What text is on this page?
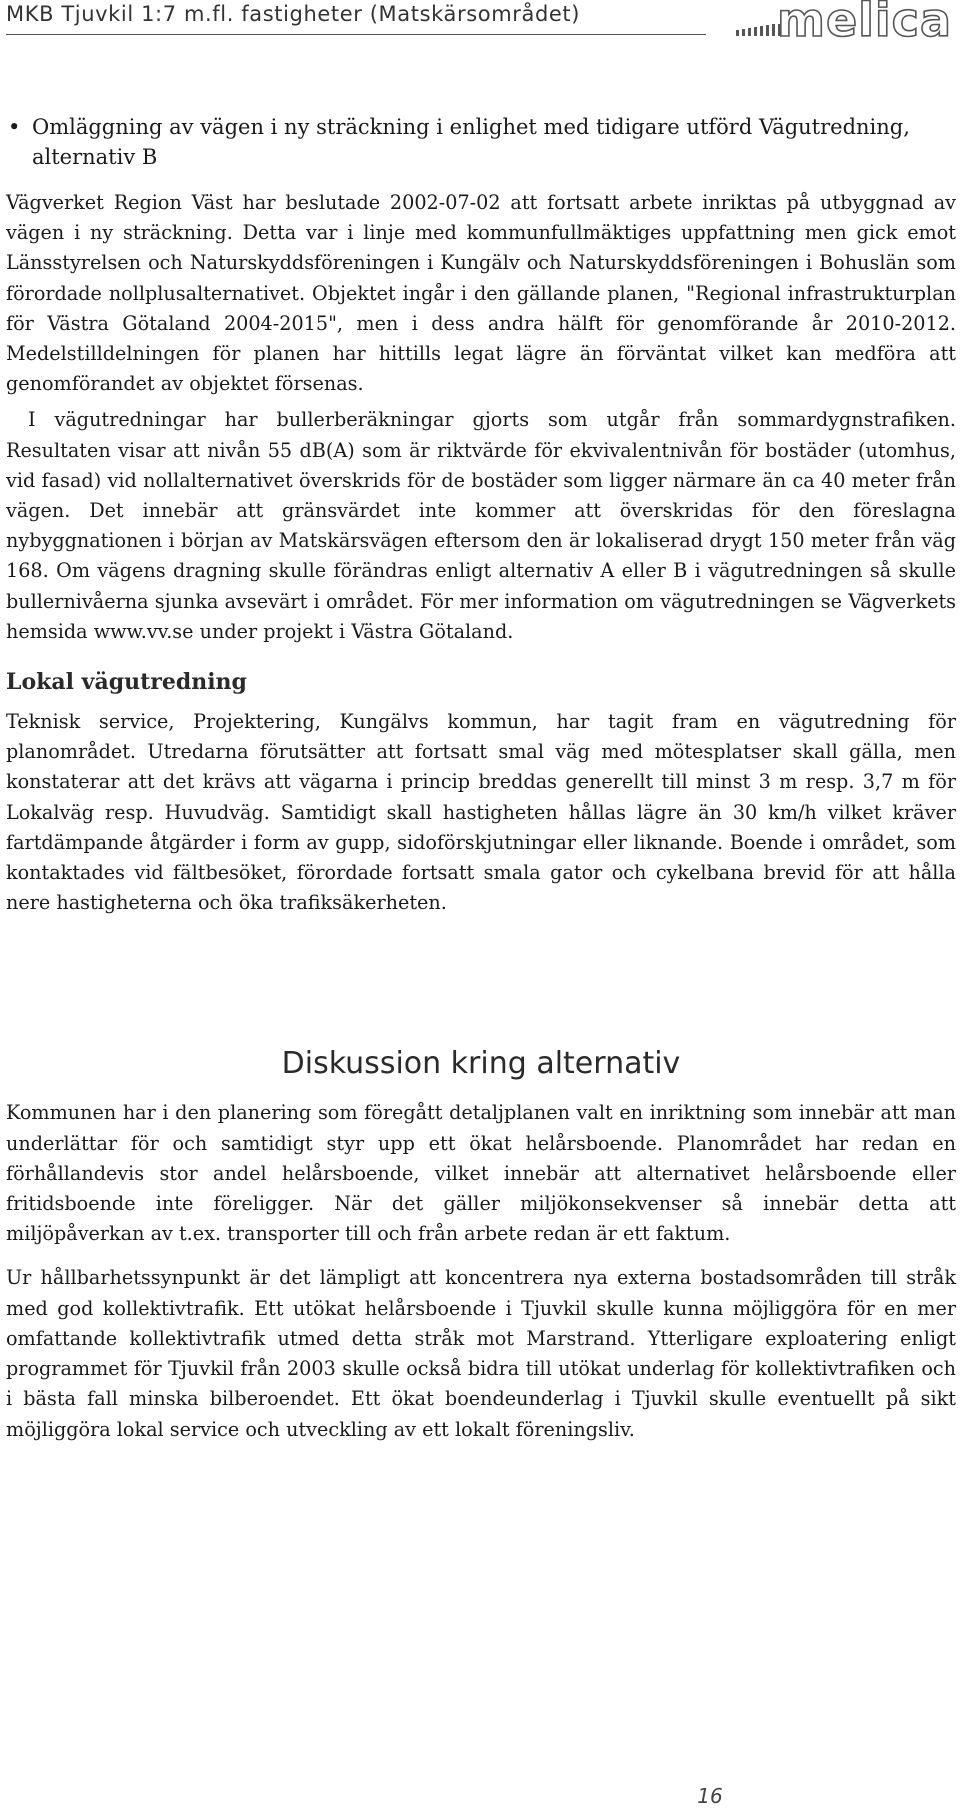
MKB Tjuvkil 1:7 m.fl. fastigheter (Matskärsområdet)	melica
• Omläggning av vägen i ny sträckning i enlighet med tidigare utförd Vägutredning, alternativ B

Vägverket Region Väst har beslutade 2002-07-02 att fortsatt arbete inriktas på utbyggnad av vägen i ny sträckning. Detta var i linje med kommunfullmäktiges uppfattning men gick emot Länsstyrelsen och Naturskyddsföreningen i Kungälv och Naturskyddsföreningen i Bohuslän som förordade nollplusalternativet. Objektet ingår i den gällande planen, "Regional infrastrukturplan för Västra Götaland 2004-2015", men i dess andra hälft för genomförande år 2010-2012. Medelstilldelningen för planen har hittills legat lägre än förväntat vilket kan medföra att genomförandet av objektet försenas.

I vägutredningar har bullerberäkningar gjorts som utgår från sommardygnstrafiken. Resultaten visar att nivån 55 dB(A) som är riktvärde för ekvivalentnivån för bostäder (utomhus, vid fasad) vid nollalternativet överskrids för de bostäder som ligger närmare än ca 40 meter från vägen. Det innebär att gränsvärdet inte kommer att överskridas för den föreslagna nybyggnationen i början av Matskärsvägen eftersom den är lokaliserad drygt 150 meter från väg 168. Om vägens dragning skulle förändras enligt alternativ A eller B i vägutredningen så skulle bullernivåerna sjunka avsevärt i området. För mer information om vägutredningen se Vägverkets hemsida www.vv.se under projekt i Västra Götaland.

Lokal vägutredning

Teknisk service, Projektering, Kungälvs kommun, har tagit fram en vägutredning för planområdet. Utredarna förutsätter att fortsatt smal väg med mötesplatser skall gälla, men konstaterar att det krävs att vägarna i princip breddas generellt till minst 3 m resp. 3,7 m för Lokalväg resp. Huvudväg. Samtidigt skall hastigheten hållas lägre än 30 km/h vilket kräver fartdämpande åtgärder i form av gupp, sidoförskjutningar eller liknande. Boende i området, som kontaktades vid fältbesöket, förordade fortsatt smala gator och cykelbana brevid för att hålla nere hastigheterna och öka trafiksäkerheten.

Diskussion kring alternativ

Kommunen har i den planering som föregått detaljplanen valt en inriktning som innebär att man underlättar för och samtidigt styr upp ett ökat helårsboende. Planområdet har redan en förhållandevis stor andel helårsboende, vilket innebär att alternativet helårsboende eller fritidsboende inte föreligger. När det gäller miljökonsekvenser så innebär detta att miljöpåverkan av t.ex. transporter till och från arbete redan är ett faktum.

Ur hållbarhetssynpunkt är det lämpligt att koncentrera nya externa bostadsområden till stråk med god kollektivtrafik. Ett utökat helårsboende i Tjuvkil skulle kunna möjliggöra för en mer omfattande kollektivtrafik utmed detta stråk mot Marstrand. Ytterligare exploatering enligt programmet för Tjuvkil från 2003 skulle också bidra till utökat underlag för kollektivtrafiken och i bästa fall minska bilberoendet. Ett ökat boendeunderlag i Tjuvkil skulle eventuellt på sikt möjliggöra lokal service och utveckling av ett lokalt föreningsliv.

16
